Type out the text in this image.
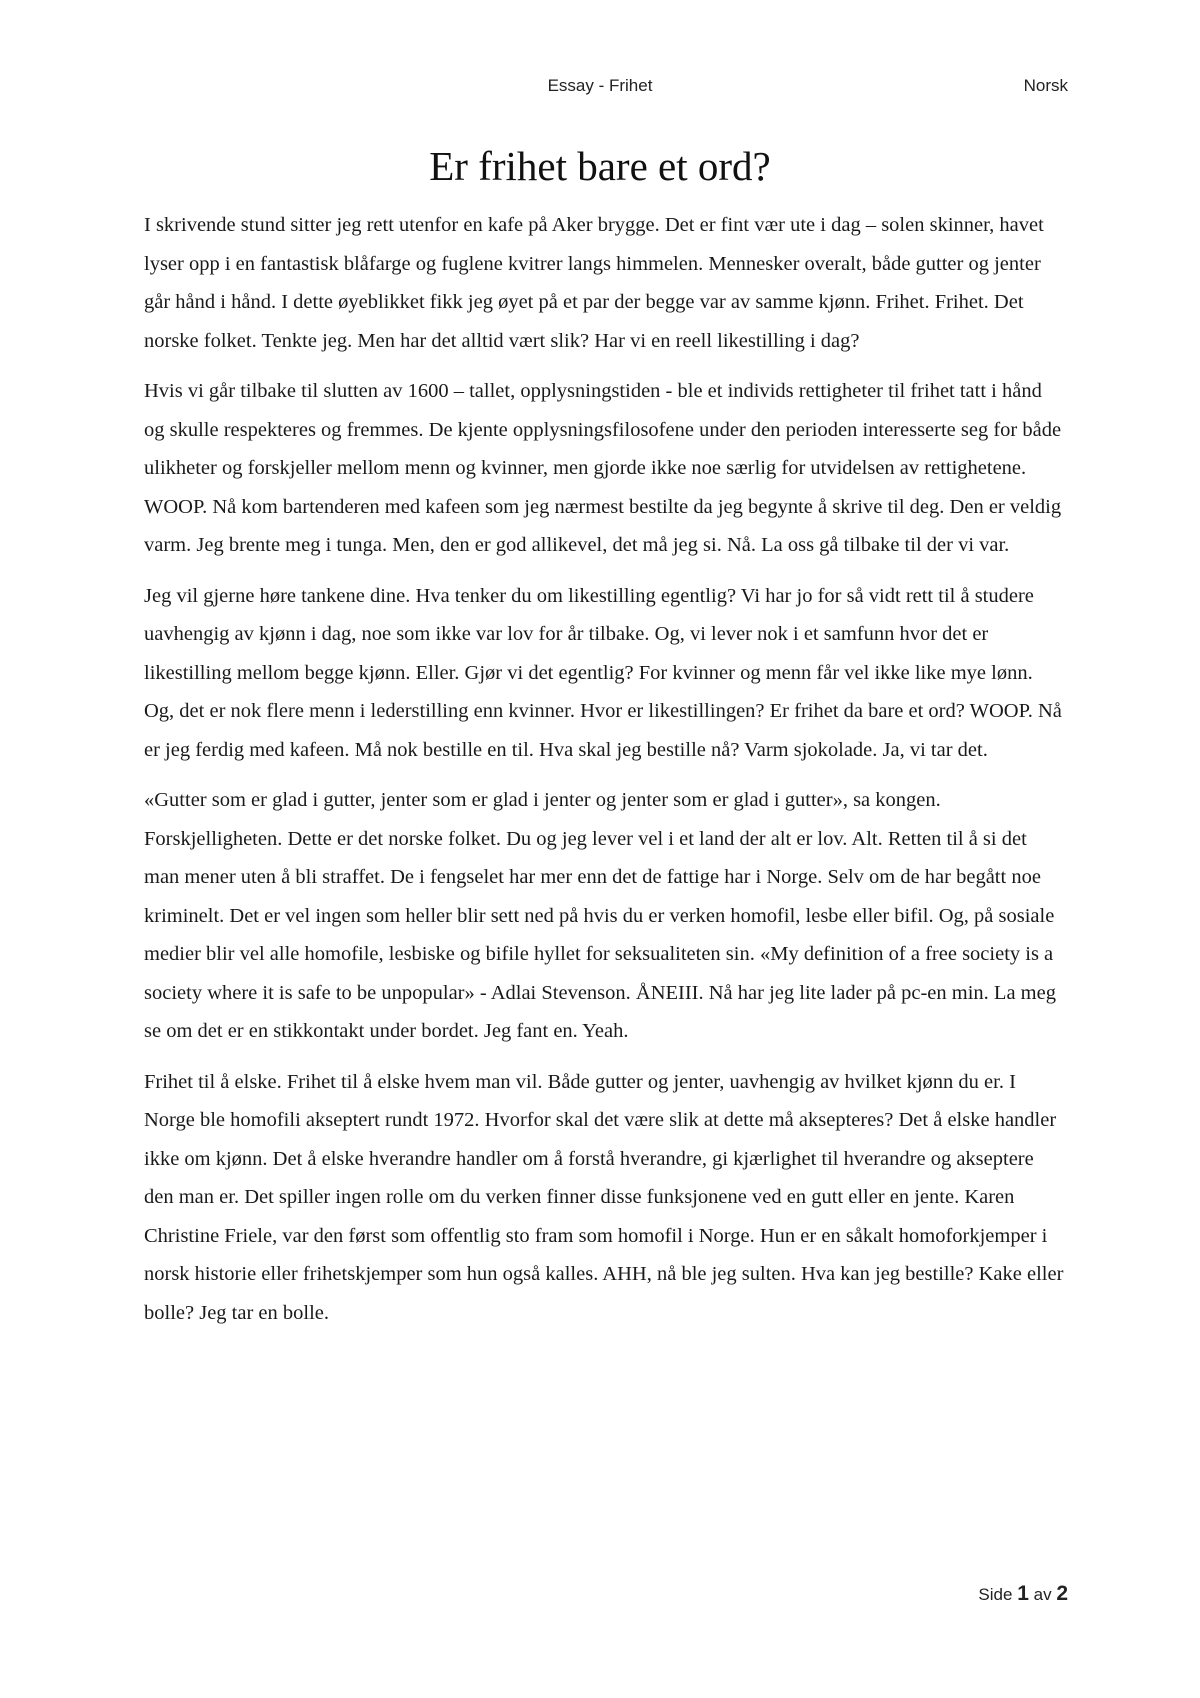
Essay - Frihet	Norsk
Er frihet bare et ord?

I skrivende stund sitter jeg rett utenfor en kafe på Aker brygge. Det er fint vær ute i dag – solen skinner, havet lyser opp i en fantastisk blåfarge og fuglene kvitrer langs himmelen. Mennesker overalt, både gutter og jenter går hånd i hånd. I dette øyeblikket fikk jeg øyet på et par der begge var av samme kjønn. Frihet. Frihet. Det norske folket. Tenkte jeg. Men har det alltid vært slik? Har vi en reell likestilling i dag?

Hvis vi går tilbake til slutten av 1600 – tallet, opplysningstiden - ble et individs rettigheter til frihet tatt i hånd og skulle respekteres og fremmes. De kjente opplysningsfilosofene under den perioden interesserte seg for både ulikheter og forskjeller mellom menn og kvinner, men gjorde ikke noe særlig for utvidelsen av rettighetene. WOOP. Nå kom bartenderen med kafeen som jeg nærmest bestilte da jeg begynte å skrive til deg. Den er veldig varm. Jeg brente meg i tunga. Men, den er god allikevel, det må jeg si. Nå. La oss gå tilbake til der vi var.

Jeg vil gjerne høre tankene dine. Hva tenker du om likestilling egentlig? Vi har jo for så vidt rett til å studere uavhengig av kjønn i dag, noe som ikke var lov for år tilbake. Og, vi lever nok i et samfunn hvor det er likestilling mellom begge kjønn. Eller. Gjør vi det egentlig? For kvinner og menn får vel ikke like mye lønn. Og, det er nok flere menn i lederstilling enn kvinner. Hvor er likestillingen? Er frihet da bare et ord? WOOP. Nå er jeg ferdig med kafeen. Må nok bestille en til. Hva skal jeg bestille nå? Varm sjokolade. Ja, vi tar det.

«Gutter som er glad i gutter, jenter som er glad i jenter og jenter som er glad i gutter», sa kongen. Forskjelligheten. Dette er det norske folket. Du og jeg lever vel i et land der alt er lov. Alt. Retten til å si det man mener uten å bli straffet. De i fengselet har mer enn det de fattige har i Norge. Selv om de har begått noe kriminelt. Det er vel ingen som heller blir sett ned på hvis du er verken homofil, lesbe eller bifil. Og, på sosiale medier blir vel alle homofile, lesbiske og bifile hyllet for seksualiteten sin. «My definition of a free society is a society where it is safe to be unpopular» - Adlai Stevenson. ÅNEIII. Nå har jeg lite lader på pc-en min. La meg se om det er en stikkontakt under bordet. Jeg fant en. Yeah.

Frihet til å elske. Frihet til å elske hvem man vil. Både gutter og jenter, uavhengig av hvilket kjønn du er. I Norge ble homofili akseptert rundt 1972. Hvorfor skal det være slik at dette må aksepteres? Det å elske handler ikke om kjønn. Det å elske hverandre handler om å forstå hverandre, gi kjærlighet til hverandre og akseptere den man er. Det spiller ingen rolle om du verken finner disse funksjonene ved en gutt eller en jente. Karen Christine Friele, var den først som offentlig sto fram som homofil i Norge. Hun er en såkalt homoforkjemper i norsk historie eller frihetskjemper som hun også kalles. AHH, nå ble jeg sulten. Hva kan jeg bestille? Kake eller bolle? Jeg tar en bolle.

Side 1 av 2
